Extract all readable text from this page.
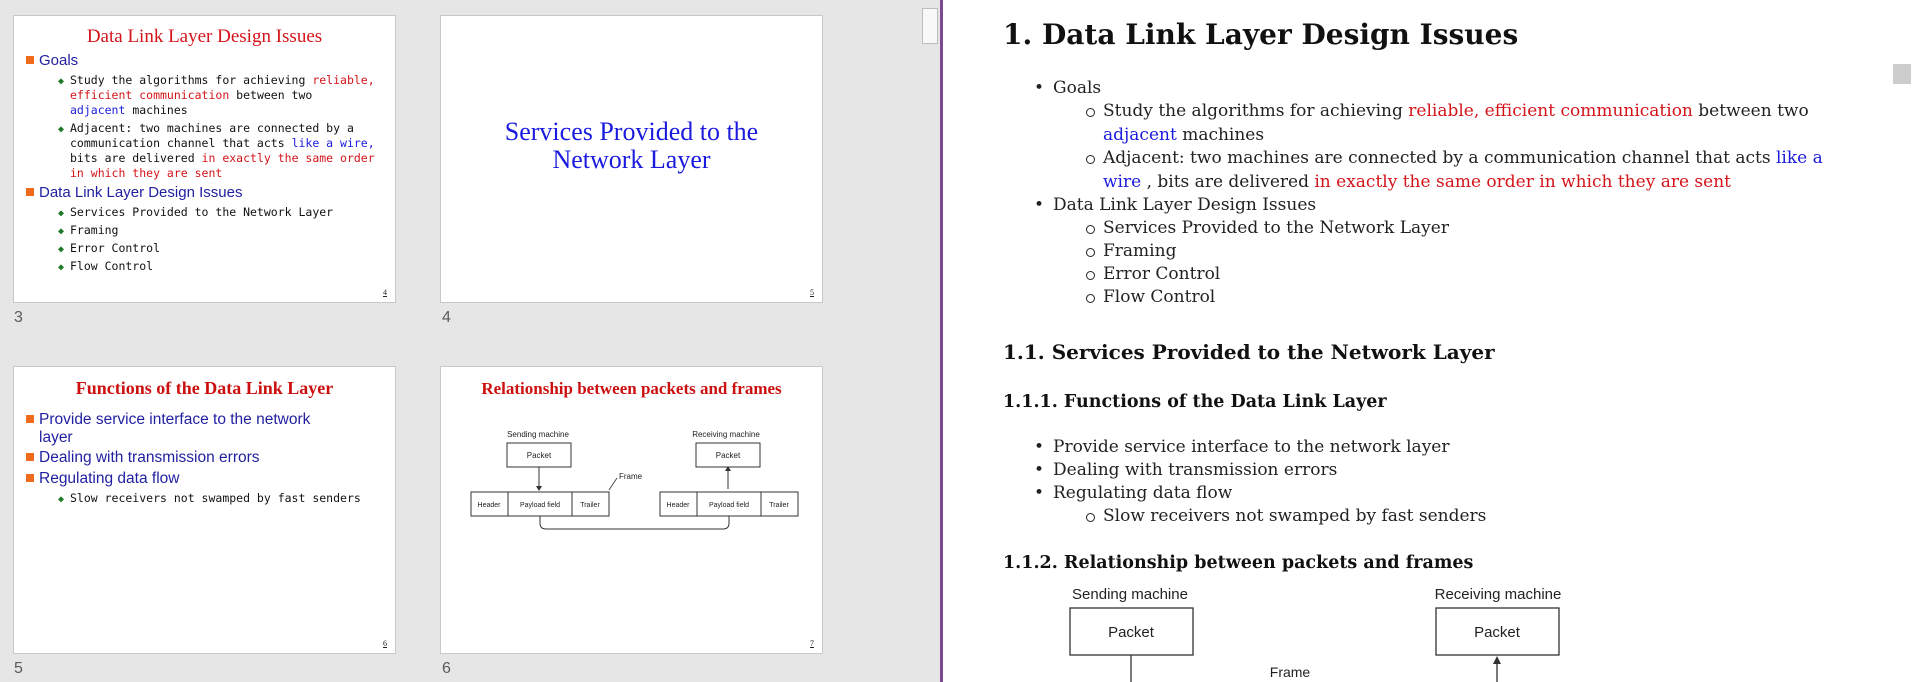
Data Link Layer Design Issues
Goals
◆ Study the algorithms for achieving reliable,
efficient communication between two
adjacent machines
◆ Adjacent: two machines are connected by a
communication channel that acts like a wire,
bits are delivered in exactly the same order
in which they are sent
Data Link Layer Design Issues
◆ Services Provided to the Network Layer
◆ Framing
◆ Error Control
◆ Flow Control
4
3
Services Provided to the
Network Layer
5
4
Functions of the Data Link Layer
Provide service interface to the network
layer
Dealing with transmission errors
Regulating data flow
◆ Slow receivers not swamped by fast senders
6
5
Relationship between packets and frames
Sending machine	Receiving machine
Packet	Packet
Frame
Header	Payload field	Trailer	Header	Payload field	Trailer
7
6
1. Data Link Layer Design Issues
• Goals
Study the algorithms for achieving reliable, efficient communication between two
adjacent machines
Adjacent: two machines are connected by a communication channel that acts like a
wire , bits are delivered in exactly the same order in which they are sent
• Data Link Layer Design Issues
Services Provided to the Network Layer
Framing
Error Control
Flow Control
1.1. Services Provided to the Network Layer
1.1.1. Functions of the Data Link Layer
• Provide service interface to the network layer
• Dealing with transmission errors
• Regulating data flow
Slow receivers not swamped by fast senders
1.1.2. Relationship between packets and frames
Sending machine	Receiving machine
Packet	Packet
Frame
